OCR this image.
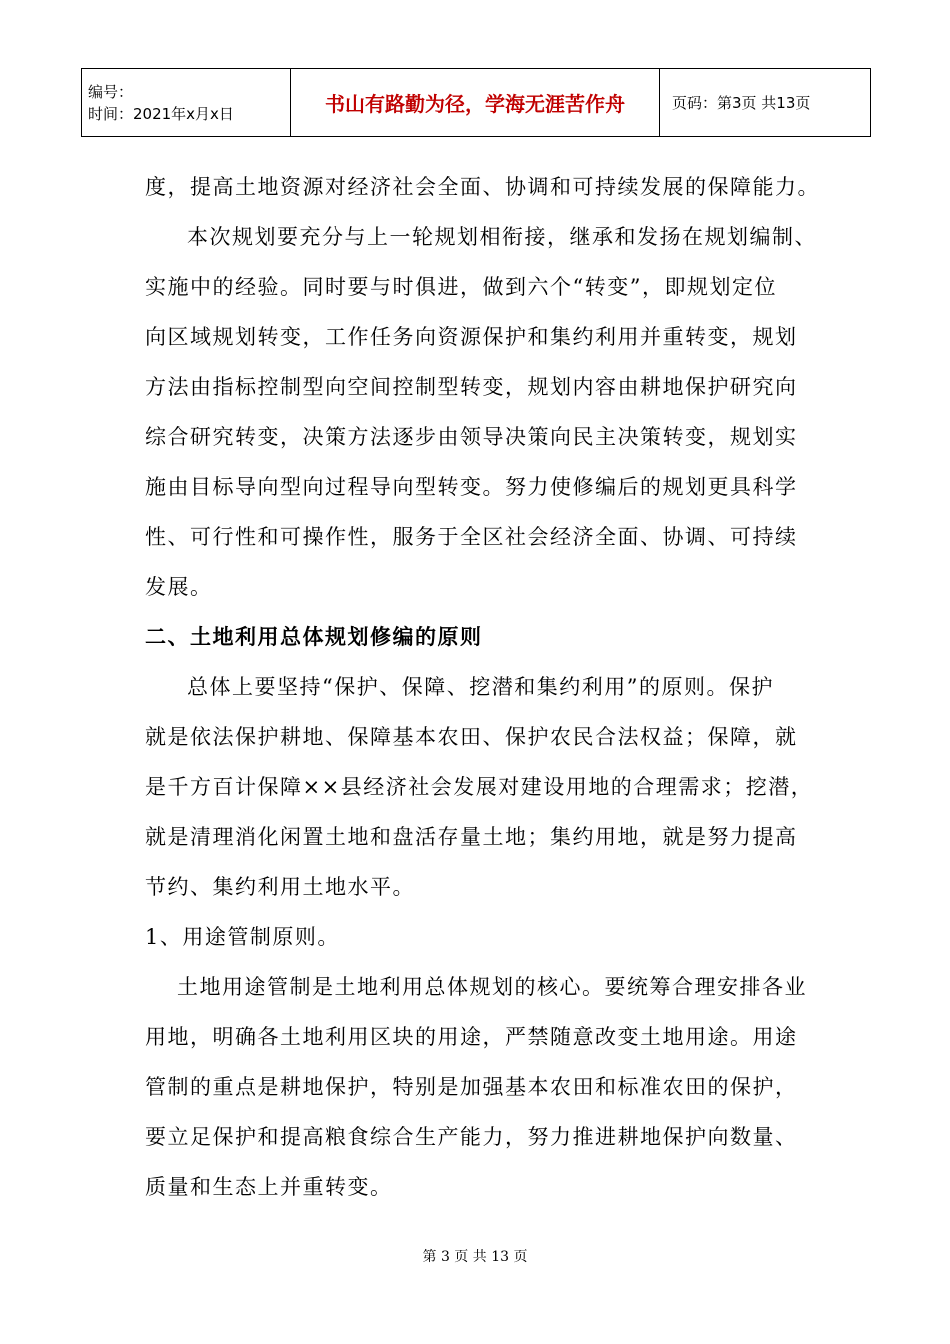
编号：
时间：2021年x月x日	书山有路勤为径，学海无涯苦作舟	页码：第3页 共13页
度，提高土地资源对经济社会全面、协调和可持续发展的保障能力。
本次规划要充分与上一轮规划相衔接，继承和发扬在规划编制、
实施中的经验。同时要与时俱进，做到六个“转变”，即规划定位
向区域规划转变，工作任务向资源保护和集约利用并重转变，规划
方法由指标控制型向空间控制型转变，规划内容由耕地保护研究向
综合研究转变，决策方法逐步由领导决策向民主决策转变，规划实
施由目标导向型向过程导向型转变。努力使修编后的规划更具科学
性、可行性和可操作性，服务于全区社会经济全面、协调、可持续
发展。
二、土地利用总体规划修编的原则
总体上要坚持“保护、保障、挖潜和集约利用”的原则。保护
就是依法保护耕地、保障基本农田、保护农民合法权益；保障，就
是千方百计保障××县经济社会发展对建设用地的合理需求；挖潜，
就是清理消化闲置土地和盘活存量土地；集约用地，就是努力提高
节约、集约利用土地水平。
1、用途管制原则。
土地用途管制是土地利用总体规划的核心。要统筹合理安排各业
用地，明确各土地利用区块的用途，严禁随意改变土地用途。用途
管制的重点是耕地保护，特别是加强基本农田和标准农田的保护，
要立足保护和提高粮食综合生产能力，努力推进耕地保护向数量、
质量和生态上并重转变。
第 3 页 共 13 页
